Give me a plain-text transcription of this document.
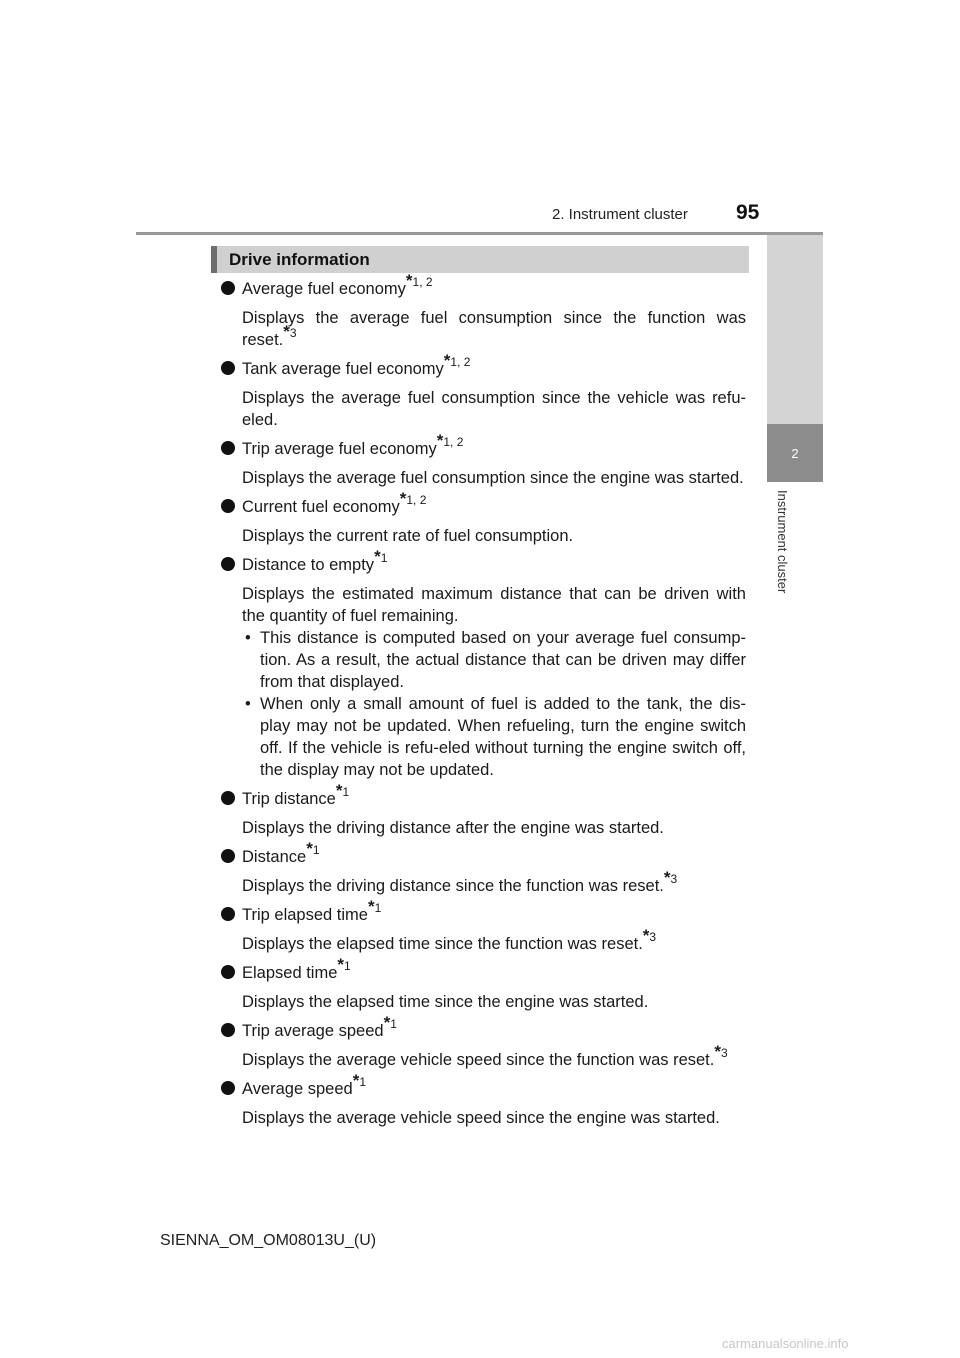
2. Instrument cluster 95
2
Instrument cluster
Drive information
Average fuel economy$^{*1, 2}$
Displays the average fuel consumption since the function was reset.$^{*3}$
Tank average fuel economy$^{*1, 2}$
Displays the average fuel consumption since the vehicle was refu-eled.
Trip average fuel economy$^{*1, 2}$
Displays the average fuel consumption since the engine was started.
Current fuel economy$^{*1, 2}$
Displays the current rate of fuel consumption.
Distance to empty$^{*1}$
Displays the estimated maximum distance that can be driven with the quantity of fuel remaining.
• This distance is computed based on your average fuel consump-tion. As a result, the actual distance that can be driven may differ from that displayed.
• When only a small amount of fuel is added to the tank, the dis-play may not be updated. When refueling, turn the engine switch off. If the vehicle is refu-eled without turning the engine switch off, the display may not be updated.
Trip distance$^{*1}$
Displays the driving distance after the engine was started.
Distance$^{*1}$
Displays the driving distance since the function was reset.$^{*3}$
Trip elapsed time$^{*1}$
Displays the elapsed time since the function was reset.$^{*3}$
Elapsed time$^{*1}$
Displays the elapsed time since the engine was started.
Trip average speed$^{*1}$
Displays the average vehicle speed since the function was reset.$^{*3}$
Average speed$^{*1}$
Displays the average vehicle speed since the engine was started.
SIENNA_OM_OM08013U_(U)
carmanualsonline.info
